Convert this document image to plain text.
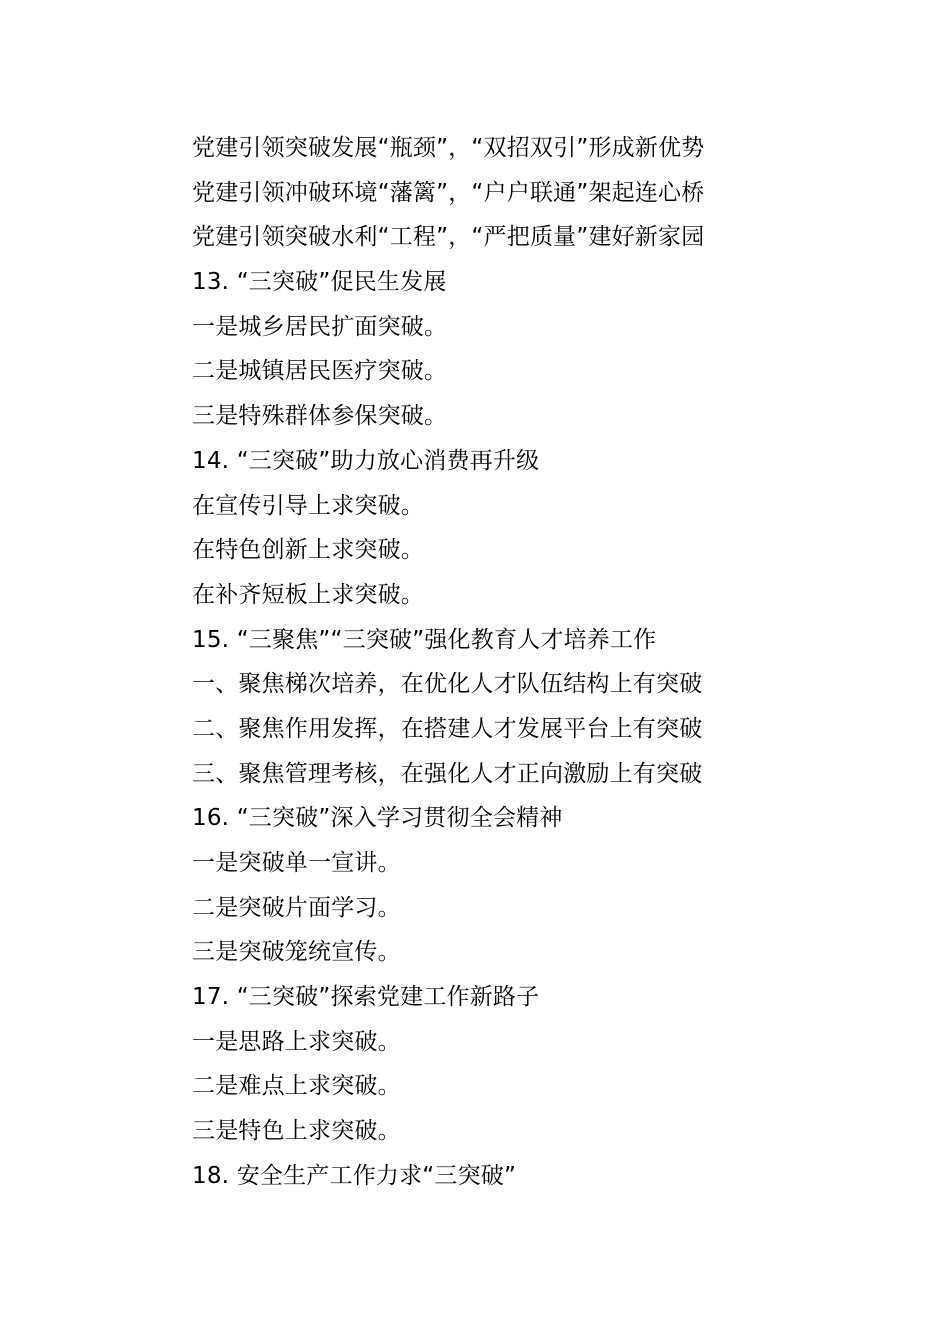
党建引领突破发展“瓶颈”，“双招双引”形成新优势
党建引领冲破环境“藩篱”，“户户联通”架起连心桥
党建引领突破水利“工程”，“严把质量”建好新家园
13. “三突破”促民生发展
一是城乡居民扩面突破。
二是城镇居民医疗突破。
三是特殊群体参保突破。
14. “三突破”助力放心消费再升级
在宣传引导上求突破。
在特色创新上求突破。
在补齐短板上求突破。
15. “三聚焦”“三突破”强化教育人才培养工作
一、聚焦梯次培养，在优化人才队伍结构上有突破
二、聚焦作用发挥，在搭建人才发展平台上有突破
三、聚焦管理考核，在强化人才正向激励上有突破
16. “三突破”深入学习贯彻全会精神
一是突破单一宣讲。
二是突破片面学习。
三是突破笼统宣传。
17. “三突破”探索党建工作新路子
一是思路上求突破。
二是难点上求突破。
三是特色上求突破。
18. 安全生产工作力求“三突破”
